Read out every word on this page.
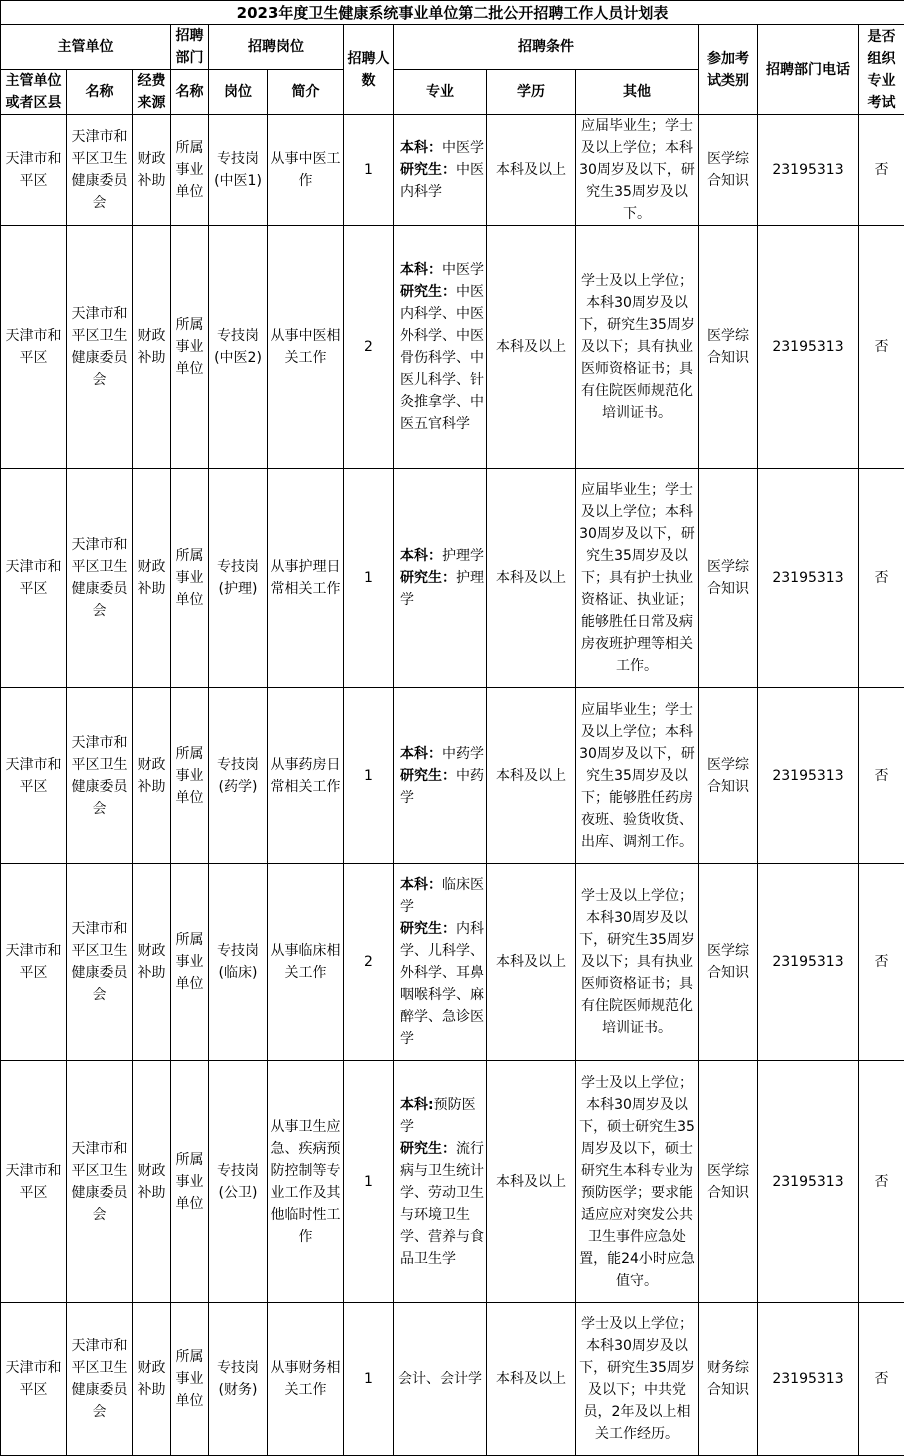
2023年度卫生健康系统事业单位第二批公开招聘工作人员计划表												
主管单位			招聘部门	招聘岗位		招聘人数	招聘条件			参加考试类别	招聘部门电话	是否组织专业考试
主管单位或者区县	名称	经费来源	名称	岗位	简介		专业	学历	其他			
天津市和平区	天津市和平区卫生健康委员会	财政补助	所属事业单位	专技岗(中医1)	从事中医工作	1	本科：中医学
研究生：中医内科学	本科及以上	应届毕业生；学士及以上学位；本科30周岁及以下，研究生35周岁及以下。	医学综合知识	23195313	否
天津市和平区	天津市和平区卫生健康委员会	财政补助	所属事业单位	专技岗(中医2)	从事中医相关工作	2	本科：中医学
研究生：中医内科学、中医外科学、中医骨伤科学、中医儿科学、针灸推拿学、中医五官科学	本科及以上	学士及以上学位；本科30周岁及以下，研究生35周岁及以下；具有执业医师资格证书；具有住院医师规范化培训证书。	医学综合知识	23195313	否
天津市和平区	天津市和平区卫生健康委员会	财政补助	所属事业单位	专技岗(护理)	从事护理日常相关工作	1	本科：护理学
研究生：护理学	本科及以上	应届毕业生；学士及以上学位；本科30周岁及以下，研究生35周岁及以下；具有护士执业资格证、执业证；能够胜任日常及病房夜班护理等相关工作。	医学综合知识	23195313	否
天津市和平区	天津市和平区卫生健康委员会	财政补助	所属事业单位	专技岗(药学)	从事药房日常相关工作	1	本科：中药学
研究生：中药学	本科及以上	应届毕业生；学士及以上学位；本科30周岁及以下，研究生35周岁及以下；能够胜任药房夜班、验货收货、出库、调剂工作。	医学综合知识	23195313	否
天津市和平区	天津市和平区卫生健康委员会	财政补助	所属事业单位	专技岗(临床)	从事临床相关工作	2	本科：临床医学
研究生：内科学、儿科学、外科学、耳鼻咽喉科学、麻醉学、急诊医学	本科及以上	学士及以上学位；本科30周岁及以下，研究生35周岁及以下；具有执业医师资格证书；具有住院医师规范化培训证书。	医学综合知识	23195313	否
天津市和平区	天津市和平区卫生健康委员会	财政补助	所属事业单位	专技岗(公卫)	从事卫生应急、疾病预防控制等专业工作及其他临时性工作	1	本科:预防医学
研究生：流行病与卫生统计学、劳动卫生与环境卫生学、营养与食品卫生学	本科及以上	学士及以上学位；本科30周岁及以下，硕士研究生35周岁及以下，硕士研究生本科专业为预防医学；要求能适应应对突发公共卫生事件应急处置，能24小时应急值守。	医学综合知识	23195313	否
天津市和平区	天津市和平区卫生健康委员会	财政补助	所属事业单位	专技岗(财务)	从事财务相关工作	1	会计、会计学	本科及以上	学士及以上学位；本科30周岁及以下，研究生35周岁及以下；中共党员，2年及以上相关工作经历。	财务综合知识	23195313	否
